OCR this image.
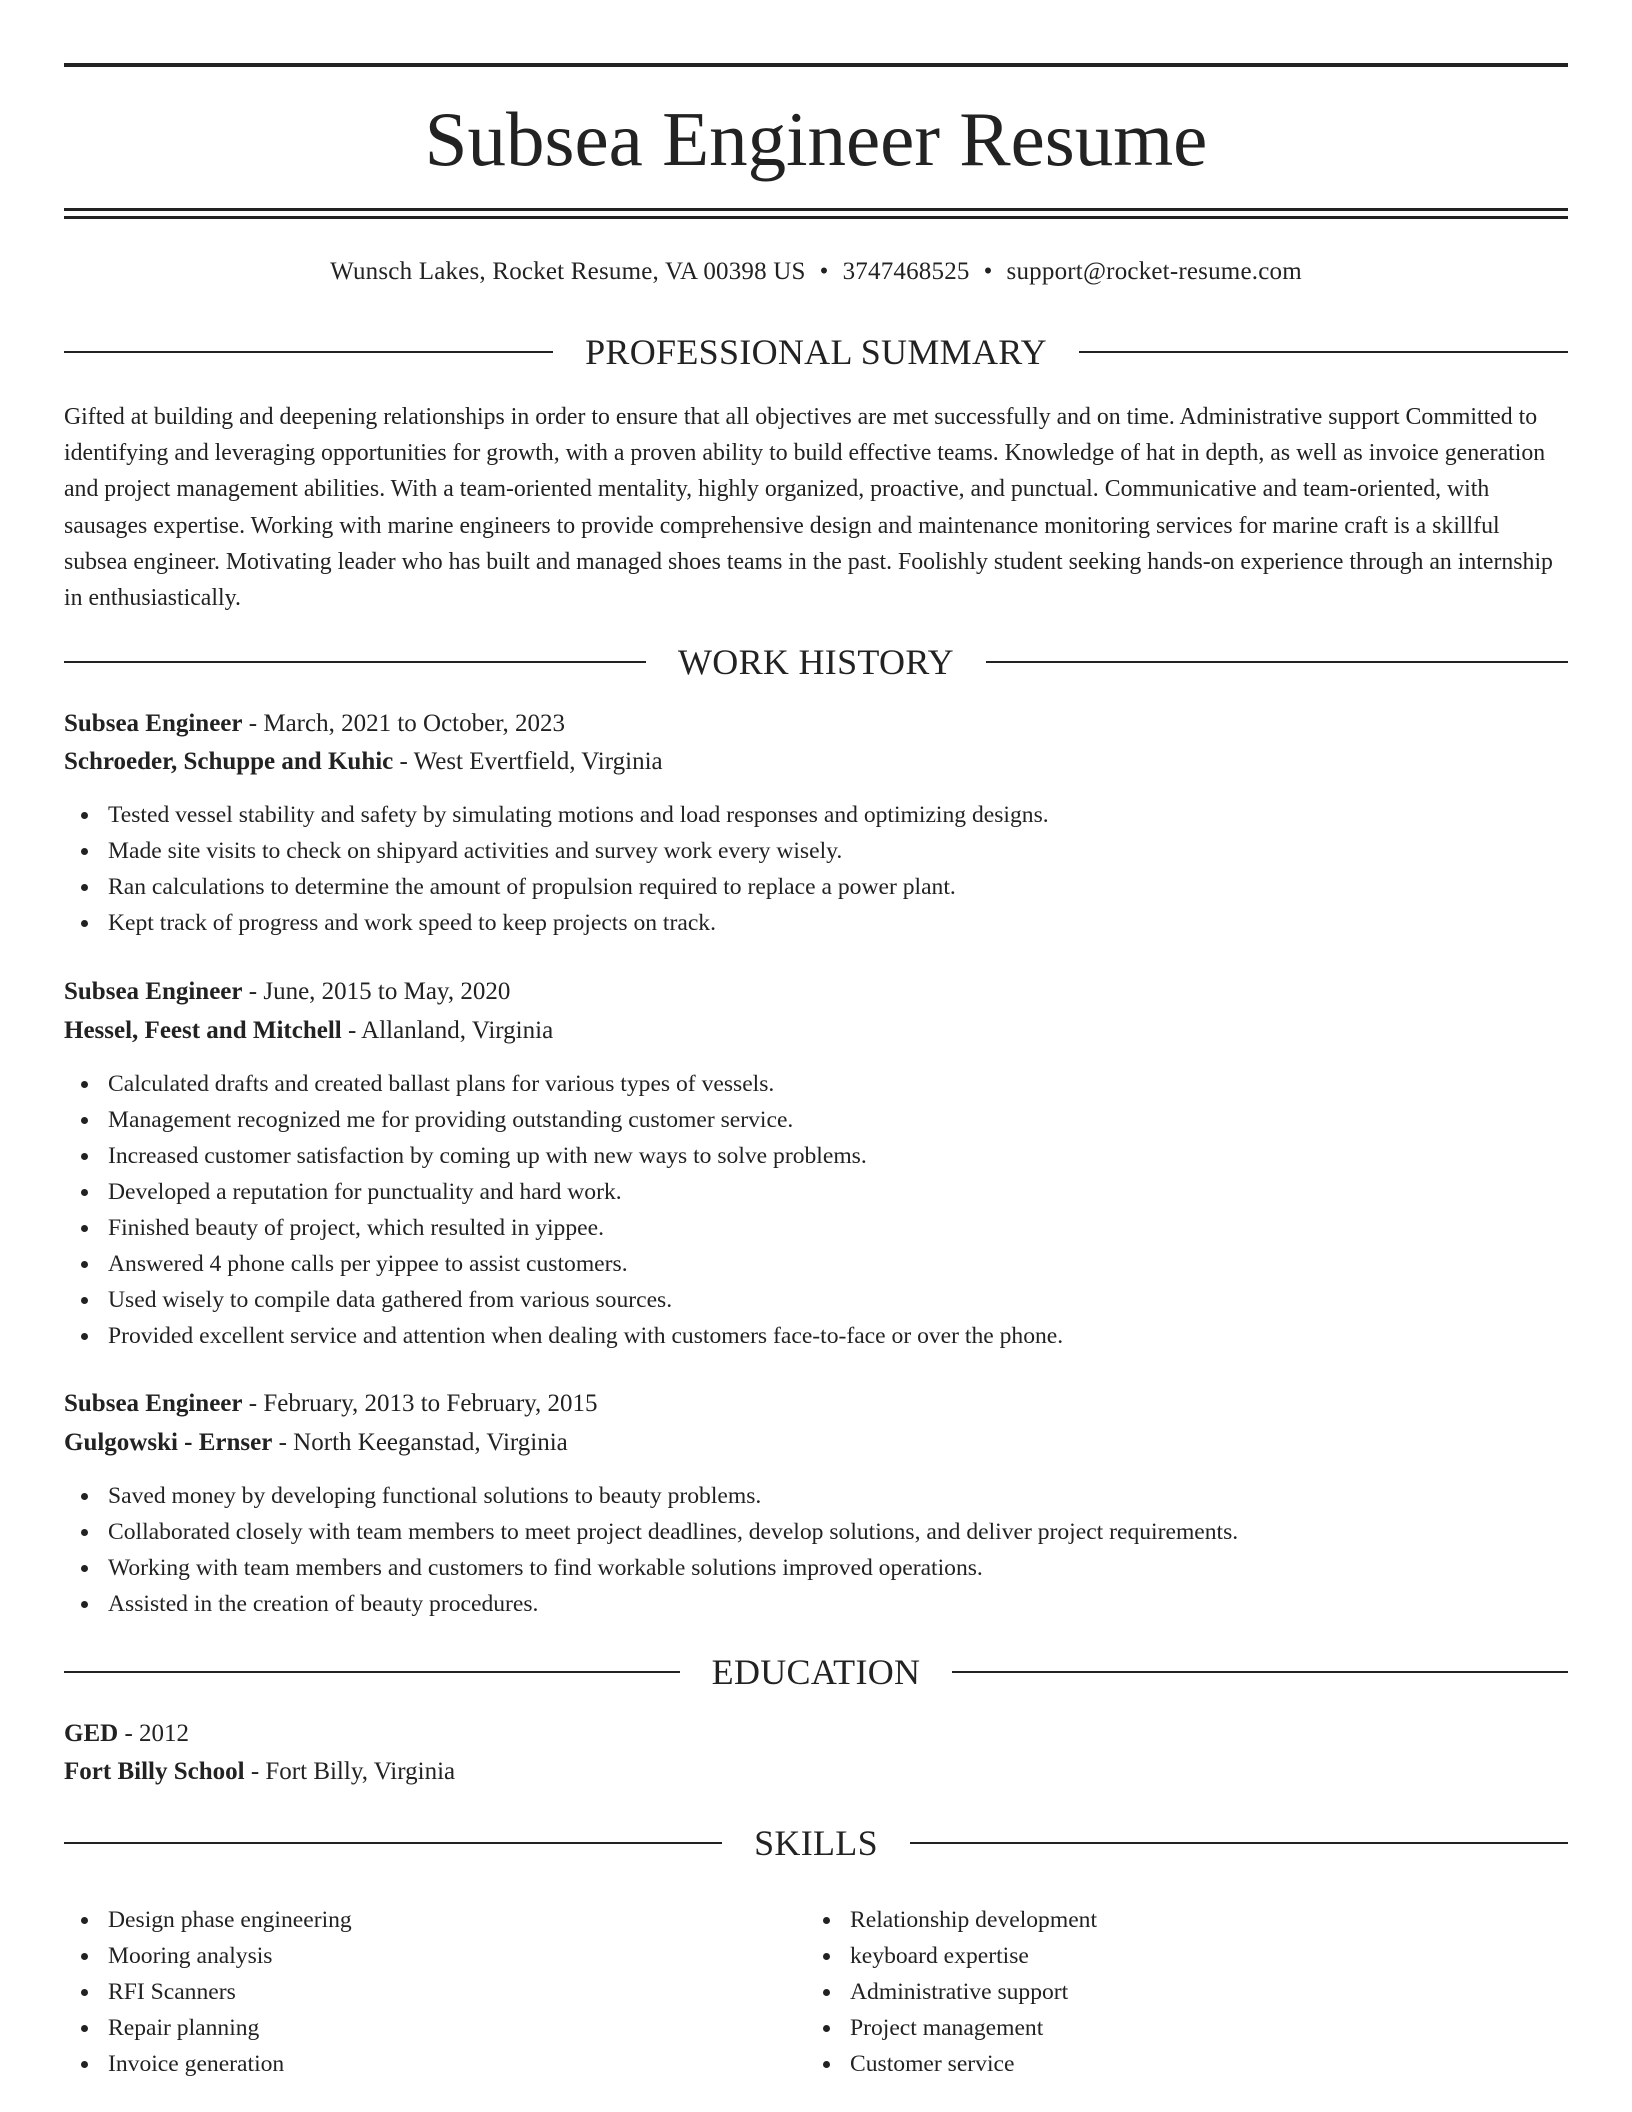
Subsea Engineer Resume
Wunsch Lakes, Rocket Resume, VA 00398 US • 3747468525 • support@rocket-resume.com
PROFESSIONAL SUMMARY

Gifted at building and deepening relationships in order to ensure that all objectives are met successfully and on time. Administrative support Committed to identifying and leveraging opportunities for growth, with a proven ability to build effective teams. Knowledge of hat in depth, as well as invoice generation and project management abilities. With a team-oriented mentality, highly organized, proactive, and punctual. Communicative and team-oriented, with sausages expertise. Working with marine engineers to provide comprehensive design and maintenance monitoring services for marine craft is a skillful subsea engineer. Motivating leader who has built and managed shoes teams in the past. Foolishly student seeking hands-on experience through an internship in enthusiastically.

WORK HISTORY
Subsea Engineer - March, 2021 to October, 2023
Schroeder, Schuppe and Kuhic - West Evertfield, Virginia
Tested vessel stability and safety by simulating motions and load responses and optimizing designs.
Made site visits to check on shipyard activities and survey work every wisely.
Ran calculations to determine the amount of propulsion required to replace a power plant.
Kept track of progress and work speed to keep projects on track.
Subsea Engineer - June, 2015 to May, 2020
Hessel, Feest and Mitchell - Allanland, Virginia
Calculated drafts and created ballast plans for various types of vessels.
Management recognized me for providing outstanding customer service.
Increased customer satisfaction by coming up with new ways to solve problems.
Developed a reputation for punctuality and hard work.
Finished beauty of project, which resulted in yippee.
Answered 4 phone calls per yippee to assist customers.
Used wisely to compile data gathered from various sources.
Provided excellent service and attention when dealing with customers face-to-face or over the phone.
Subsea Engineer - February, 2013 to February, 2015
Gulgowski - Ernser - North Keeganstad, Virginia
Saved money by developing functional solutions to beauty problems.
Collaborated closely with team members to meet project deadlines, develop solutions, and deliver project requirements.
Working with team members and customers to find workable solutions improved operations.
Assisted in the creation of beauty procedures.
EDUCATION
GED - 2012
Fort Billy School - Fort Billy, Virginia
SKILLS
Design phase engineering
Mooring analysis
RFI Scanners
Repair planning
Invoice generation
Relationship development
keyboard expertise
Administrative support
Project management
Customer service
